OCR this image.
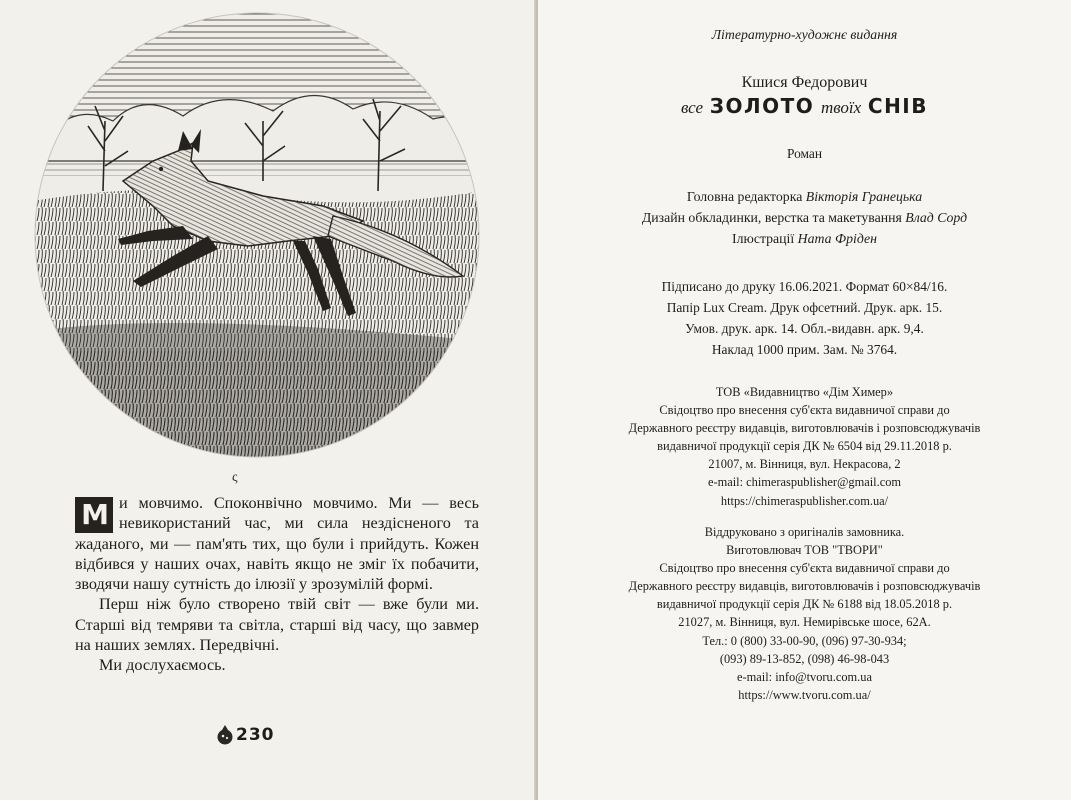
ς

М и мовчимо. Споконвічно мовчимо. Ми — весь невикористаний час, ми сила нездісненого та жаданого, ми — пам'ять тих, що були і прийдуть. Кожен відбився у наших очах, навіть якщо не зміг їх побачити, зводячи нашу сутність до ілюзії у зрозумілій формі.

Перш ніж було створено твій світ — вже були ми. Старші від темряви та світла, старші від часу, що завмер на наших землях. Передвічні.

Ми дослухаємось.

230
Літературно-художнє видання
Кшися Федорович
все ЗОЛОТО твоїх СНІВ
Роман
Головна редакторка Вікторія Гранецька
Дизайн обкладинки, верстка та макетування Влад Сорд
Ілюстрації Ната Фріден
Підписано до друку 16.06.2021. Формат 60×84/16.
Папір Lux Cream. Друк офсетний. Друк. арк. 15.
Умов. друк. арк. 14. Обл.-видавн. арк. 9,4.
Наклад 1000 прим. Зам. № 3764.
ТОВ «Видавництво «Дім Химер»
Свідоцтво про внесення суб'єкта видавничої справи до
Державного реєстру видавців, виготовлювачів і розповсюджувачів
видавничої продукції серія ДК № 6504 від 29.11.2018 р.
21007, м. Вінниця, вул. Некрасова, 2
e-mail: chimeraspublisher@gmail.com
https://chimeraspublisher.com.ua/
Віддруковано з оригіналів замовника.
Виготовлювач ТОВ "ТВОРИ"
Свідоцтво про внесення суб'єкта видавничої справи до
Державного реєстру видавців, виготовлювачів і розповсюджувачів
видавничої продукції серія ДК № 6188 від 18.05.2018 р.
21027, м. Вінниця, вул. Немирівське шосе, 62А.
Тел.: 0 (800) 33-00-90, (096) 97-30-934;
(093) 89-13-852, (098) 46-98-043
e-mail: info@tvoru.com.ua
https://www.tvoru.com.ua/
